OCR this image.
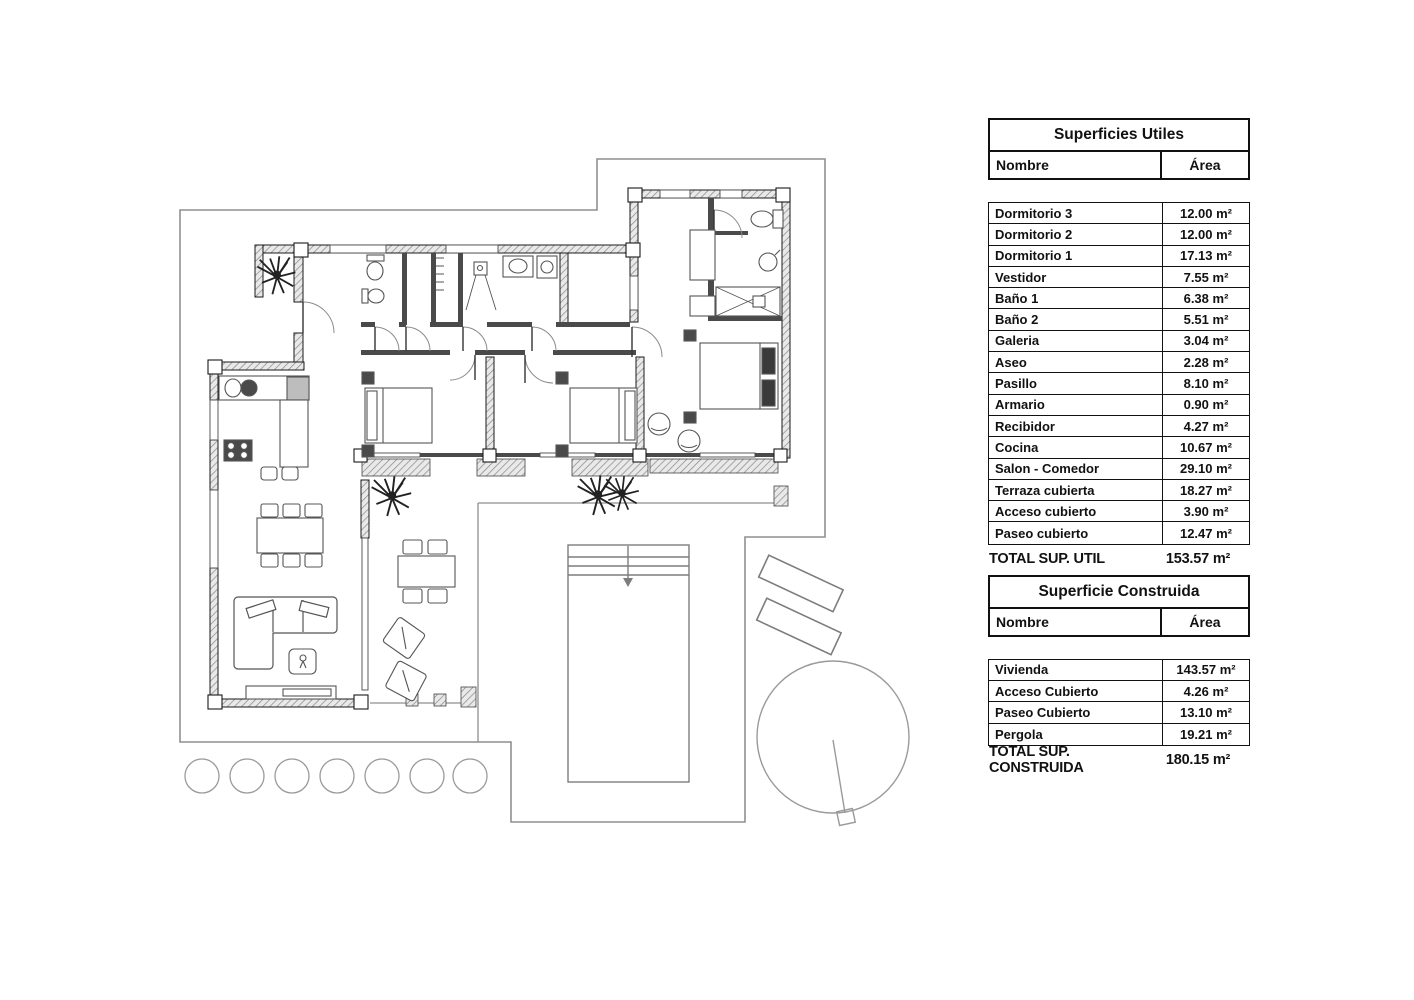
Superficies Utiles
Nombre	Área
Dormitorio 3	12.00 m²
Dormitorio 2	12.00 m²
Dormitorio 1	17.13 m²
Vestidor	7.55 m²
Baño 1	6.38 m²
Baño 2	5.51 m²
Galeria	3.04 m²
Aseo	2.28 m²
Pasillo	8.10 m²
Armario	0.90 m²
Recibidor	4.27 m²
Cocina	10.67 m²
Salon - Comedor	29.10 m²
Terraza cubierta	18.27 m²
Acceso cubierto	3.90 m²
Paseo cubierto	12.47 m²
TOTAL SUP. UTIL	153.57 m²
Superficie Construida
Nombre	Área
Vivienda	143.57 m²
Acceso Cubierto	4.26 m²
Paseo Cubierto	13.10 m²
Pergola	19.21 m²
TOTAL SUP. CONSTRUIDA	180.15 m²
